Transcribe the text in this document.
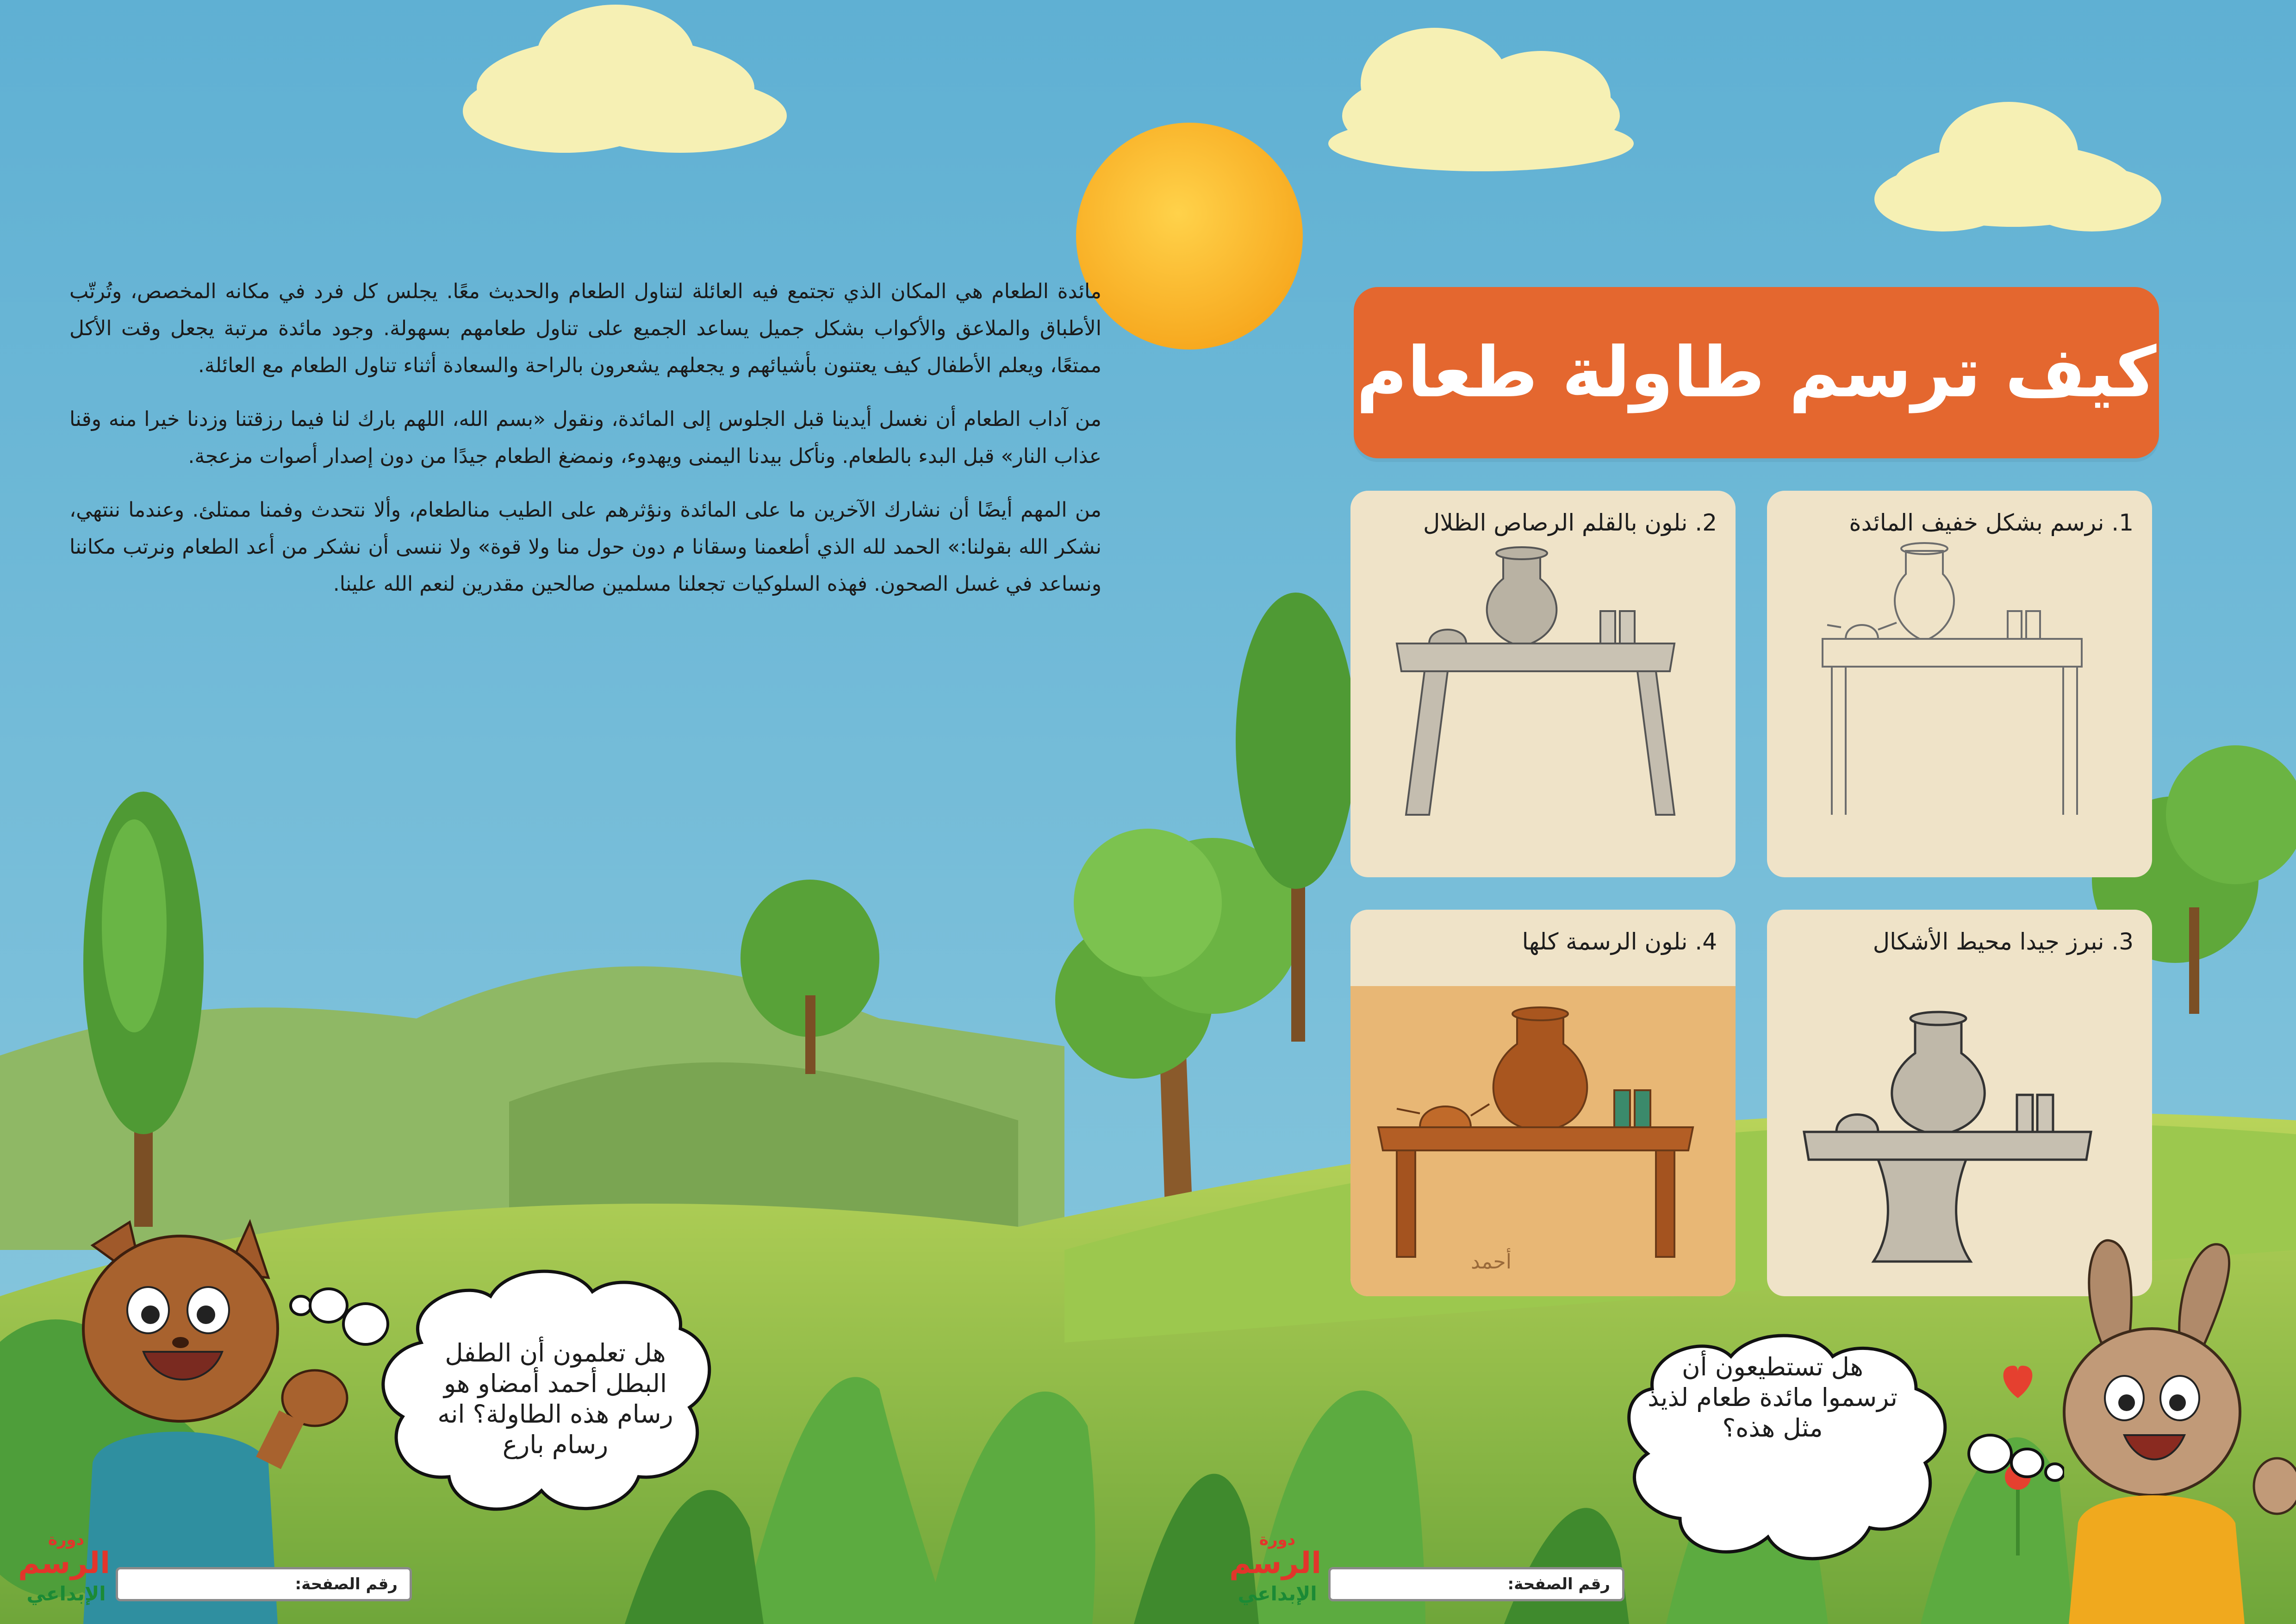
مائدة الطعام هي المكان الذي تجتمع فيه العائلة لتناول الطعام والحديث معًا. يجلس كل فرد في مكانه المخصص، وتُرتّب الأطباق والملاعق والأكواب بشكل جميل يساعد الجميع على تناول طعامهم بسهولة. وجود مائدة مرتبة يجعل وقت الأكل ممتعًا، ويعلم الأطفال كيف يعتنون بأشيائهم و يجعلهم يشعرون بالراحة والسعادة أثناء تناول الطعام مع العائلة.

من آداب الطعام أن نغسل أيدينا قبل الجلوس إلى المائدة، ونقول «بسم الله، اللهم بارك لنا فيما رزقتنا وزدنا خيرا منه وقنا عذاب النار» قبل البدء بالطعام. ونأكل بيدنا اليمنى ويهدوء، ونمضغ الطعام جيدًا من دون إصدار أصوات مزعجة.

من المهم أيضًا أن نشارك الآخرين ما على المائدة ونؤثرهم على الطيب منالطعام، وألا نتحدث وفمنا ممتلئ. وعندما ننتهي، نشكر الله بقولنا:» الحمد لله الذي أطعمنا وسقانا م دون حول منا ولا قوة» ولا ننسى أن نشكر من أعد الطعام ونرتب مكاننا ونساعد في غسل الصحون. فهذه السلوكيات تجعلنا مسلمين صالحين مقدرين لنعم الله علينا.

كيف ترسم طاولة طعام
1. نرسم بشكل خفيف المائدة
2. نلون بالقلم الرصاص الظلال
3. نبرز جيدا محيط الأشكال
4. نلون الرسمة كلها
أحمد
هل تعلمون أن الطفل البطل أحمد أمضاو هو رسام هذه الطاولة؟ انه رسام بارع
هل تستطيعون أن ترسموا مائدة طعام لذيذ مثل هذه؟
رقم الصفحة:
دورة
الرسم
الإبداعي	رقم الصفحة:
دورة
الرسم
الإبداعي
